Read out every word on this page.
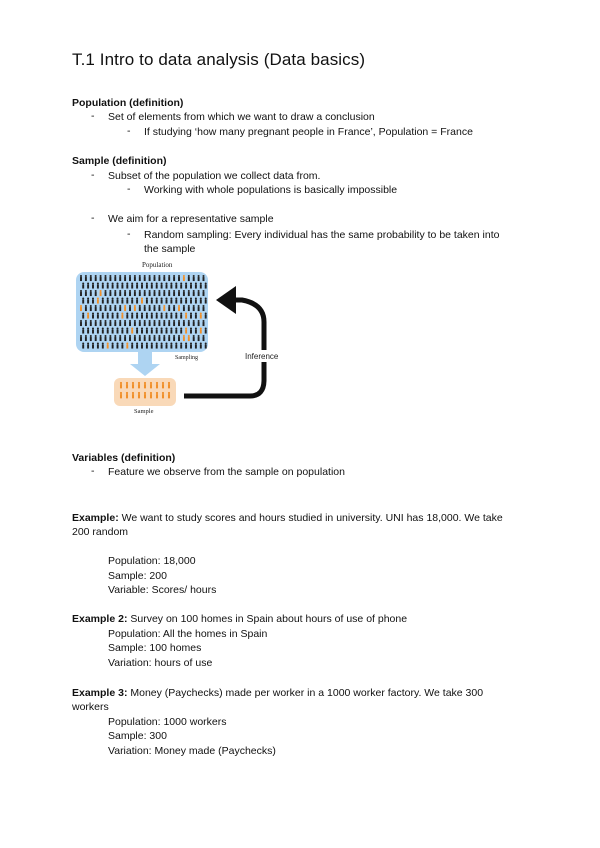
T.1 Intro to data analysis (Data basics)
Population (definition)
- Set of elements from which we want to draw a conclusion
- If studying ‘how many pregnant people in France’, Population = France
Sample (definition)
- Subset of the population we collect data from.
- Working with whole populations is basically impossible
- We aim for a representative sample
- Random sampling: Every individual has the same probability to be taken into
the sample
Population
Sampling
Sample
Inference
Variables (definition)
- Feature we observe from the sample on population
Example: We want to study scores and hours studied in university. UNI has 18,000. We take
200 random
Population: 18,000
Sample: 200
Variable: Scores/ hours
Example 2: Survey on 100 homes in Spain about hours of use of phone
Population: All the homes in Spain
Sample: 100 homes
Variation: hours of use
Example 3: Money (Paychecks) made per worker in a 1000 worker factory. We take 300
workers
Population: 1000 workers
Sample: 300
Variation: Money made (Paychecks)
